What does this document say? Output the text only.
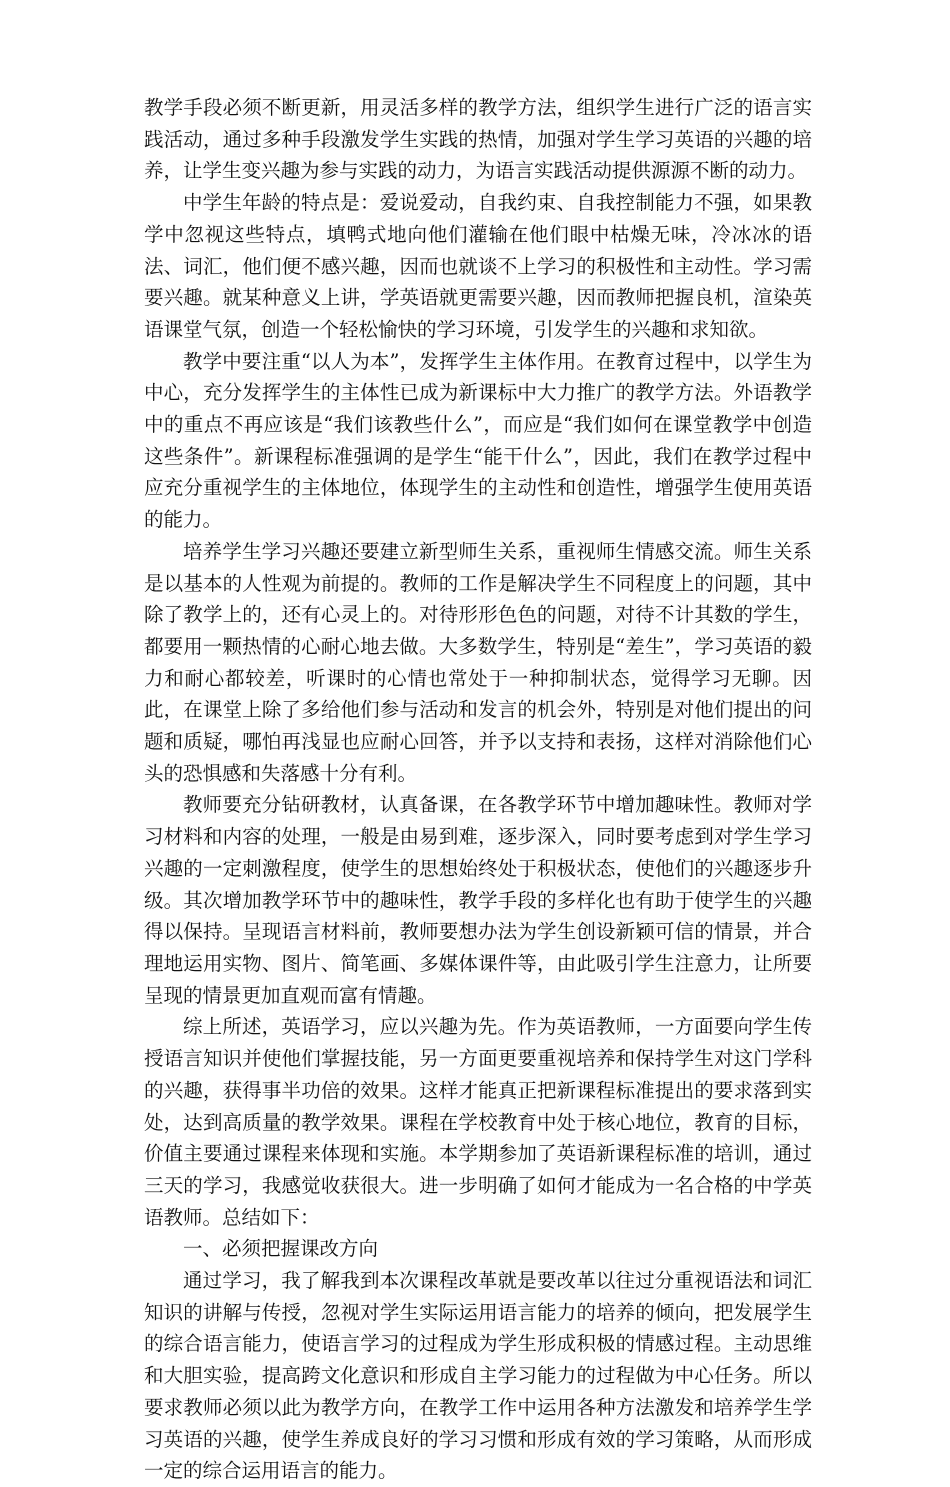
教学手段必须不断更新，用灵活多样的教学方法，组织学生进行广泛的语言实践活动，通过多种手段激发学生实践的热情，加强对学生学习英语的兴趣的培养，让学生变兴趣为参与实践的动力，为语言实践活动提供源源不断的动力。

中学生年龄的特点是：爱说爱动，自我约束、自我控制能力不强，如果教学中忽视这些特点，填鸭式地向他们灌输在他们眼中枯燥无味，冷冰冰的语法、词汇，他们便不感兴趣，因而也就谈不上学习的积极性和主动性。学习需要兴趣。就某种意义上讲，学英语就更需要兴趣，因而教师把握良机，渲染英语课堂气氛，创造一个轻松愉快的学习环境，引发学生的兴趣和求知欲。

教学中要注重“以人为本”，发挥学生主体作用。在教育过程中，以学生为中心，充分发挥学生的主体性已成为新课标中大力推广的教学方法。外语教学中的重点不再应该是“我们该教些什么”，而应是“我们如何在课堂教学中创造这些条件”。新课程标准强调的是学生“能干什么”，因此，我们在教学过程中应充分重视学生的主体地位，体现学生的主动性和创造性，增强学生使用英语的能力。

培养学生学习兴趣还要建立新型师生关系，重视师生情感交流。师生关系是以基本的人性观为前提的。教师的工作是解决学生不同程度上的问题，其中除了教学上的，还有心灵上的。对待形形色色的问题，对待不计其数的学生，都要用一颗热情的心耐心地去做。大多数学生，特别是“差生”，学习英语的毅力和耐心都较差，听课时的心情也常处于一种抑制状态，觉得学习无聊。因此，在课堂上除了多给他们参与活动和发言的机会外，特别是对他们提出的问题和质疑，哪怕再浅显也应耐心回答，并予以支持和表扬，这样对消除他们心头的恐惧感和失落感十分有利。

教师要充分钻研教材，认真备课，在各教学环节中增加趣味性。教师对学习材料和内容的处理，一般是由易到难，逐步深入，同时要考虑到对学生学习兴趣的一定刺激程度，使学生的思想始终处于积极状态，使他们的兴趣逐步升级。其次增加教学环节中的趣味性，教学手段的多样化也有助于使学生的兴趣得以保持。呈现语言材料前，教师要想办法为学生创设新颖可信的情景，并合理地运用实物、图片、简笔画、多媒体课件等，由此吸引学生注意力，让所要呈现的情景更加直观而富有情趣。

综上所述，英语学习，应以兴趣为先。作为英语教师，一方面要向学生传授语言知识并使他们掌握技能，另一方面更要重视培养和保持学生对这门学科的兴趣，获得事半功倍的效果。这样才能真正把新课程标准提出的要求落到实处，达到高质量的教学效果。课程在学校教育中处于核心地位，教育的目标，价值主要通过课程来体现和实施。本学期参加了英语新课程标准的培训，通过三天的学习，我感觉收获很大。进一步明确了如何才能成为一名合格的中学英语教师。总结如下：

一、必须把握课改方向

通过学习，我了解我到本次课程改革就是要改革以往过分重视语法和词汇知识的讲解与传授，忽视对学生实际运用语言能力的培养的倾向，把发展学生的综合语言能力，使语言学习的过程成为学生形成积极的情感过程。主动思维和大胆实验，提高跨文化意识和形成自主学习能力的过程做为中心任务。所以要求教师必须以此为教学方向，在教学工作中运用各种方法激发和培养学生学习英语的兴趣，使学生养成良好的学习习惯和形成有效的学习策略，从而形成一定的综合运用语言的能力。
